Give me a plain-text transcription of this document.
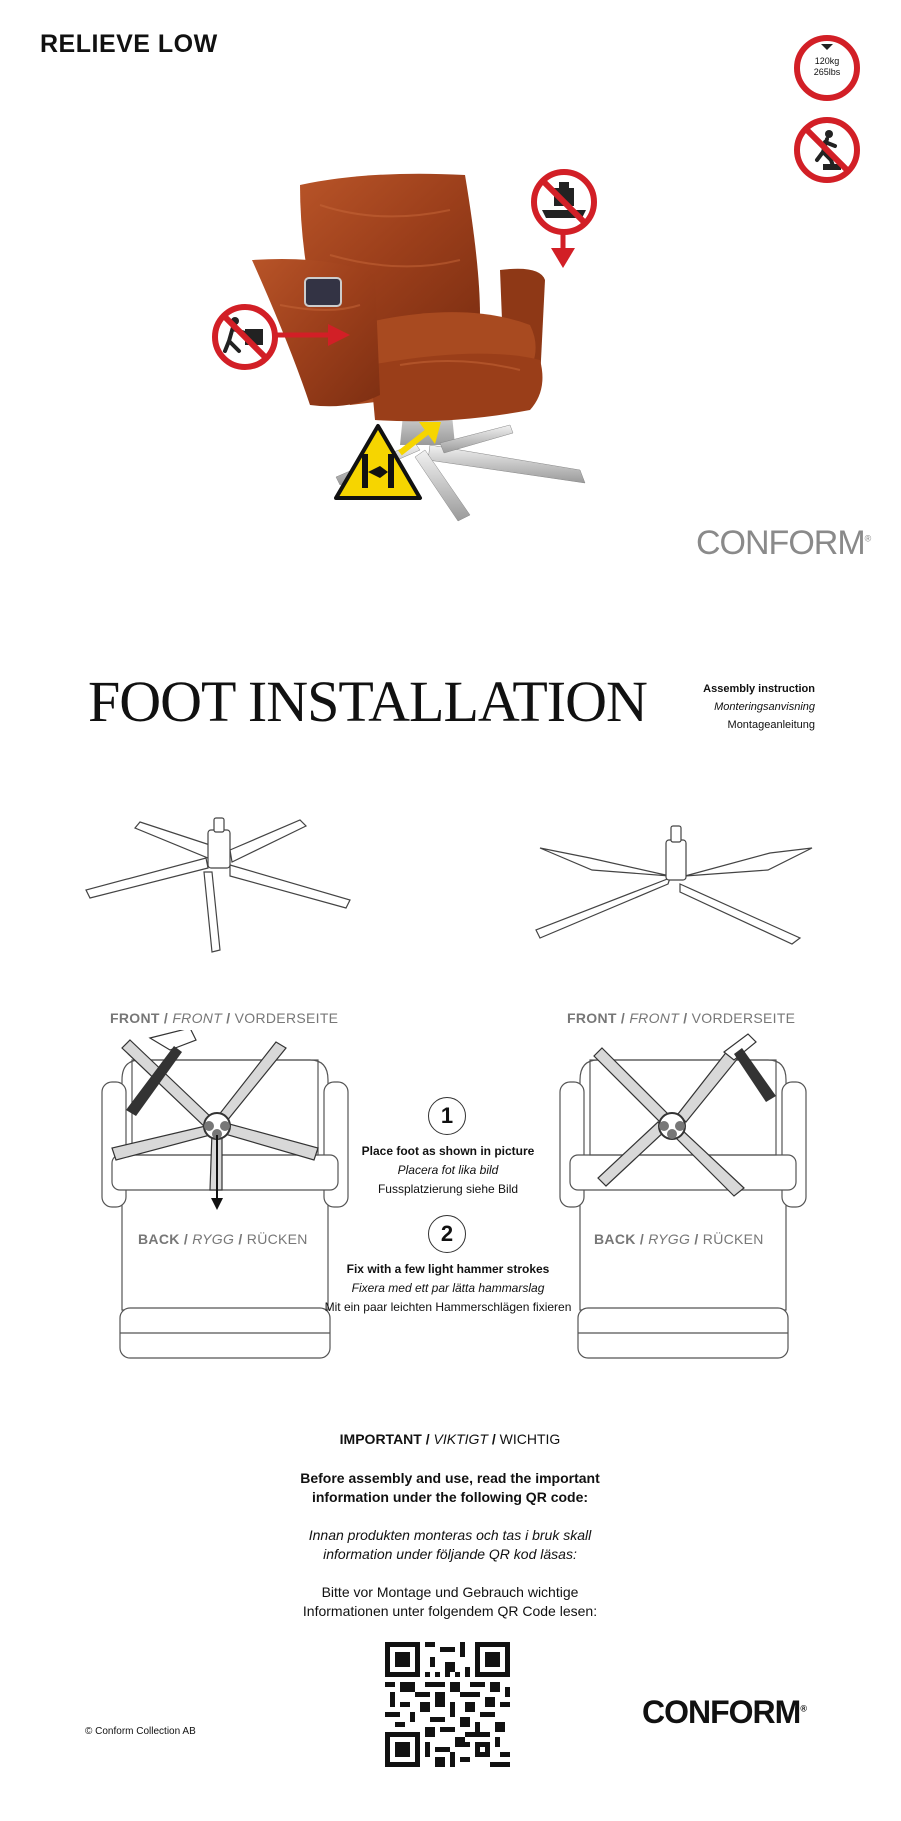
RELIEVE LOW
120kg
265lbs
CONFORM®
FOOT INSTALLATION	Assembly instruction
Monteringsanvisning
Montageanleitung
FRONT / FRONT / VORDERSEITE	FRONT / FRONT / VORDERSEITE
BACK / RYGG / RÜCKEN	BACK / RYGG / RÜCKEN
1
Place foot as shown in picture
Placera fot lika bild
Fussplatzierung siehe Bild
2
Fix with a few light hammer strokes
Fixera med ett par lätta hammarslag
Mit ein paar leichten Hammerschlägen fixieren

IMPORTANT / VIKTIGT / WICHTIG

Before assembly and use, read the important information under the following QR code:

Innan produkten monteras och tas i bruk skall information under följande QR kod läsas:

Bitte vor Montage und Gebrauch wichtige Informationen unter folgendem QR Code lesen:

© Conform Collection AB
CONFORM®
